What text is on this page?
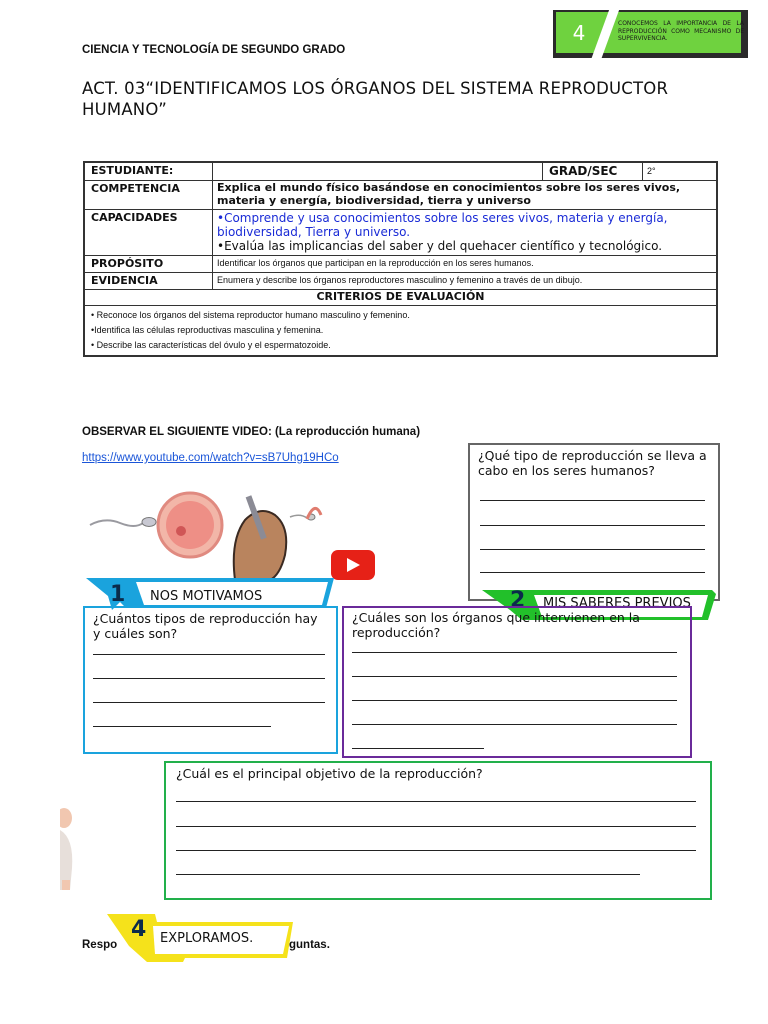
4	CONOCEMOS LA IMPORTANCIA DE LA REPRODUCCIÓN COMO MECANISMO DE SUPERVIVENCIA.
CIENCIA Y TECNOLOGÍA DE SEGUNDO GRADO
ACT. 03“IDENTIFICAMOS LOS ÓRGANOS DEL SISTEMA REPRODUCTOR HUMANO”
ESTUDIANTE:	GRAD/SEC	2°
COMPETENCIA	Explica el mundo físico basándose en conocimientos sobre los seres vivos, materia y energía, biodiversidad, tierra y universo
CAPACIDADES	•Comprende y usa conocimientos sobre los seres vivos, materia y energía, biodiversidad, Tierra y universo.
•Evalúa las implicancias del saber y del quehacer científico y tecnológico.
PROPÓSITO	Identificar los órganos que participan en la reproducción en los seres humanos.
EVIDENCIA	Enumera y describe los órganos reproductores masculino y femenino a través de un dibujo.
CRITERIOS DE EVALUACIÓN
• Reconoce los órganos del sistema reproductor humano masculino y femenino.
•Identifica las células reproductivas masculina y femenina.
• Describe las características del óvulo y el espermatozoide.
OBSERVAR EL SIGUIENTE VIDEO: (La reproducción humana)
https://www.youtube.com/watch?v=sB7Uhg19HCo	¿Qué tipo de reproducción se lleva a cabo en los seres humanos?
1 NOS MOTIVAMOS	2 MIS SABERES PREVIOS
¿Cuántos tipos de reproducción hay y cuáles son?
¿Cuáles son los órganos que intervienen en la reproducción?
¿Cuál es el principal objetivo de la reproducción?
Respo	guntas.
4 EXPLORAMOS.
